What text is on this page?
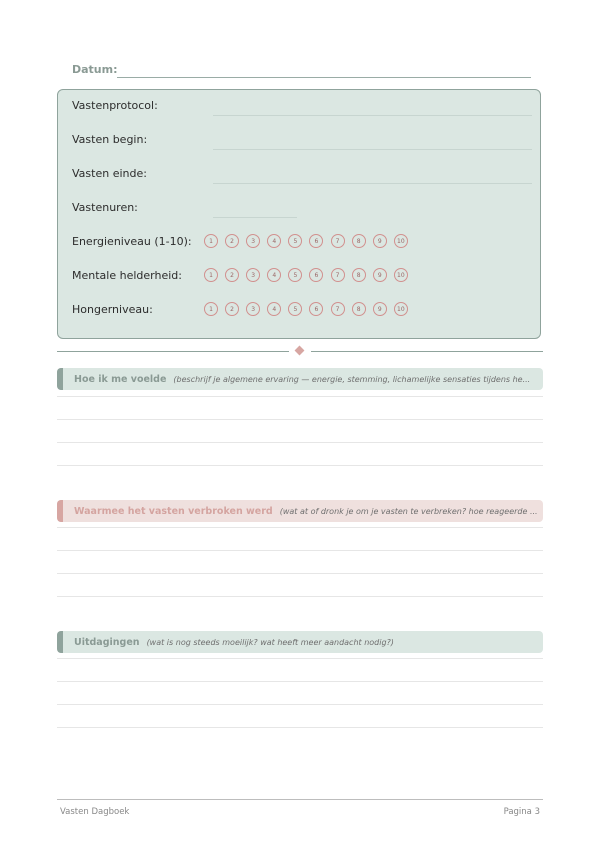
Datum:
Vastenprotocol:
Vasten begin:
Vasten einde:
Vastenuren:
Energieniveau (1-10):	1	2	3	4	5	6	7	8	9	10
Mentale helderheid:	1	2	3	4	5	6	7	8	9	10
Hongerniveau:	1	2	3	4	5	6	7	8	9	10
Hoe ik me voelde (beschrijf je algemene ervaring — energie, stemming, lichamelijke sensaties tijdens he...
Waarmee het vasten verbroken werd (wat at of dronk je om je vasten te verbreken? hoe reageerde ...
Uitdagingen (wat is nog steeds moeilijk? wat heeft meer aandacht nodig?)
Vasten Dagboek	Pagina 3
